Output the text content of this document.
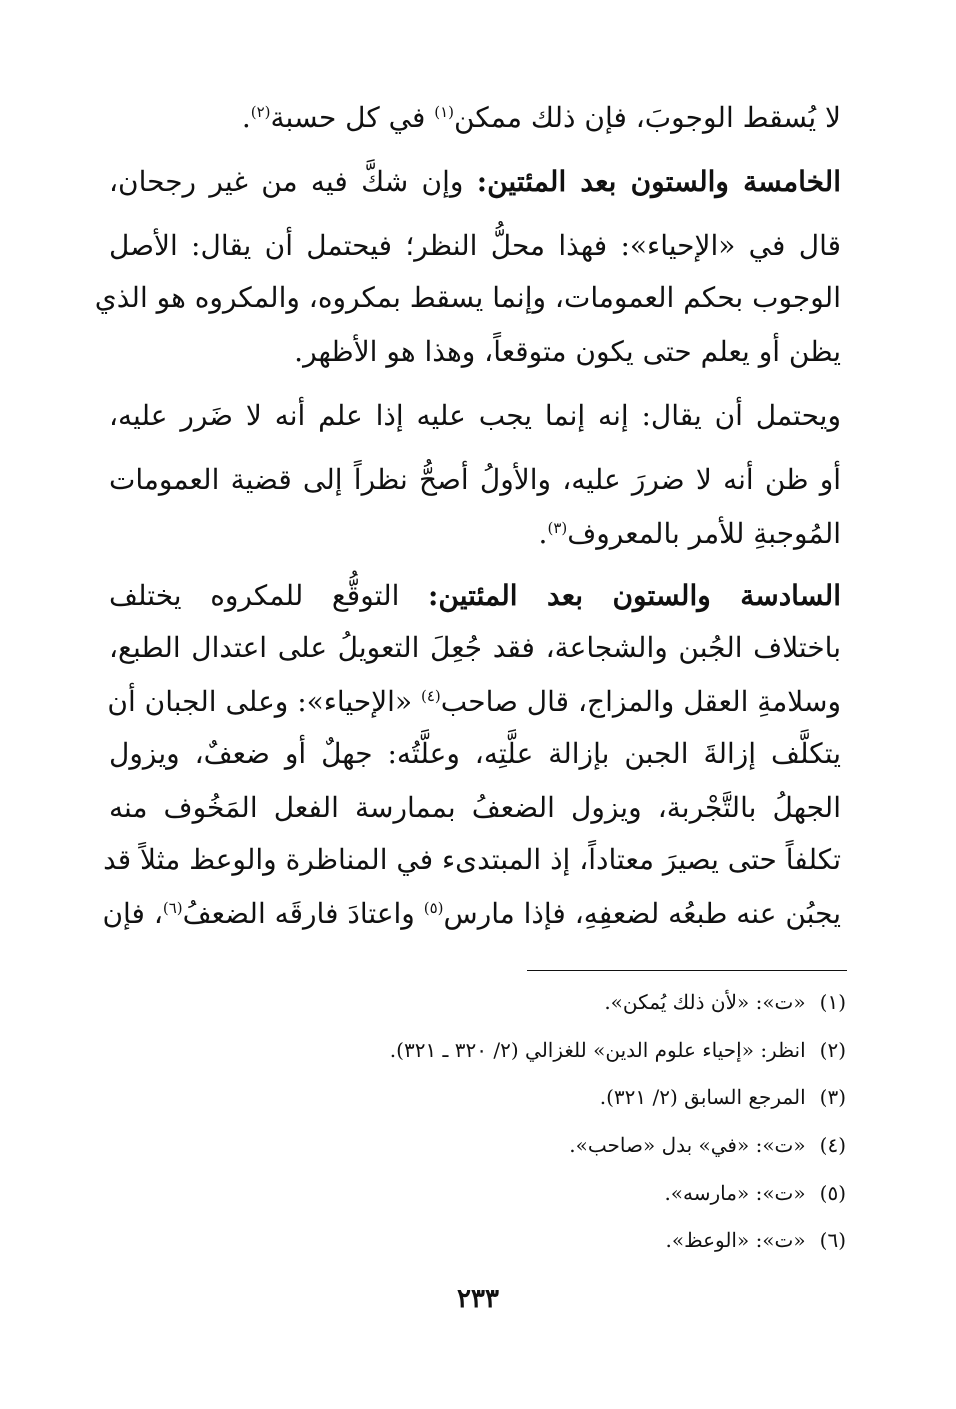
لا يُسقط الوجوبَ، فإن ذلك ممكن$^{(١)}$ في كل حسبة$^{(٢)}$.
الخامسة والستون بعد المئتين: وإن شكَّ فيه من غير رجحان،
قال في «الإحياء»: فهذا محلُّ النظر؛ فيحتمل أن يقال: الأصل
الوجوب بحكم العمومات، وإنما يسقط بمكروه، والمكروه هو الذي
يظن أو يعلم حتى يكون متوقعاً، وهذا هو الأظهر.
ويحتمل أن يقال: إنه إنما يجب عليه إذا علم أنه لا ضَرر عليه،
أو ظن أنه لا ضررَ عليه، والأولُ أصحُّ نظراً إلى قضية العمومات
المُوجبةِ للأمر بالمعروف$^{(٣)}$.
السادسة والستون بعد المئتين: التوقُّع للمكروه يختلف
باختلاف الجُبن والشجاعة، فقد جُعِلَ التعويلُ على اعتدال الطبع،
وسلامةِ العقل والمزاج، قال صاحب$^{(٤)}$ «الإحياء»: وعلى الجبان أن
يتكلَّف إزالةَ الجبن بإزالة علَّتِه، وعلَّتُه: جهلٌ أو ضعفٌ، ويزول
الجهلُ بالتَّجْربة، ويزول الضعفُ بممارسة الفعل المَخُوف منه
تكلفاً حتى يصيرَ معتاداً، إذ المبتدىء في المناظرة والوعظ مثلاً قد
يجبُن عنه طبعُه لضعفِهِ، فإذا مارس$^{(٥)}$ واعتادَ فارقَه الضعفُ$^{(٦)}$، فإن
(١)«ت»: «لأن ذلك يُمكن».
(٢)انظر: «إحياء علوم الدين» للغزالي (٢/ ٣٢٠ ـ ٣٢١).
(٣)المرجع السابق (٢/ ٣٢١).
(٤)«ت»: «في» بدل «صاحب».
(٥)«ت»: «مارسه».
(٦)«ت»: «الوعظ».
٢٣٣
